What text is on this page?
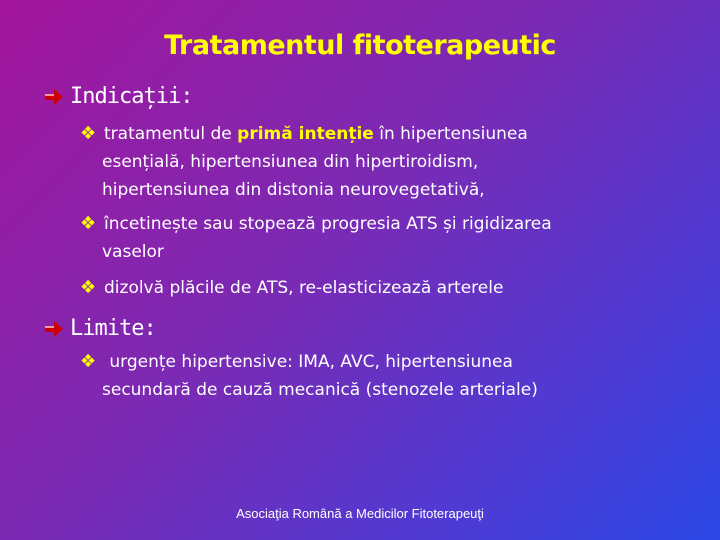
Tratamentul fitoterapeutic
Indicații:
❖ tratamentul de primă intenție în hipertensiunea
esențială, hipertensiunea din hipertiroidism,
hipertensiunea din distonia neurovegetativă,
❖ încetinește sau stopează progresia ATS și rigidizarea
vaselor
❖ dizolvă plăcile de ATS, re-elasticizează arterele
Limite:
❖ urgențe hipertensive: IMA, AVC, hipertensiunea
secundară de cauză mecanică (stenozele arteriale)
Asociaţia Română a Medicilor Fitoterapeuţi
